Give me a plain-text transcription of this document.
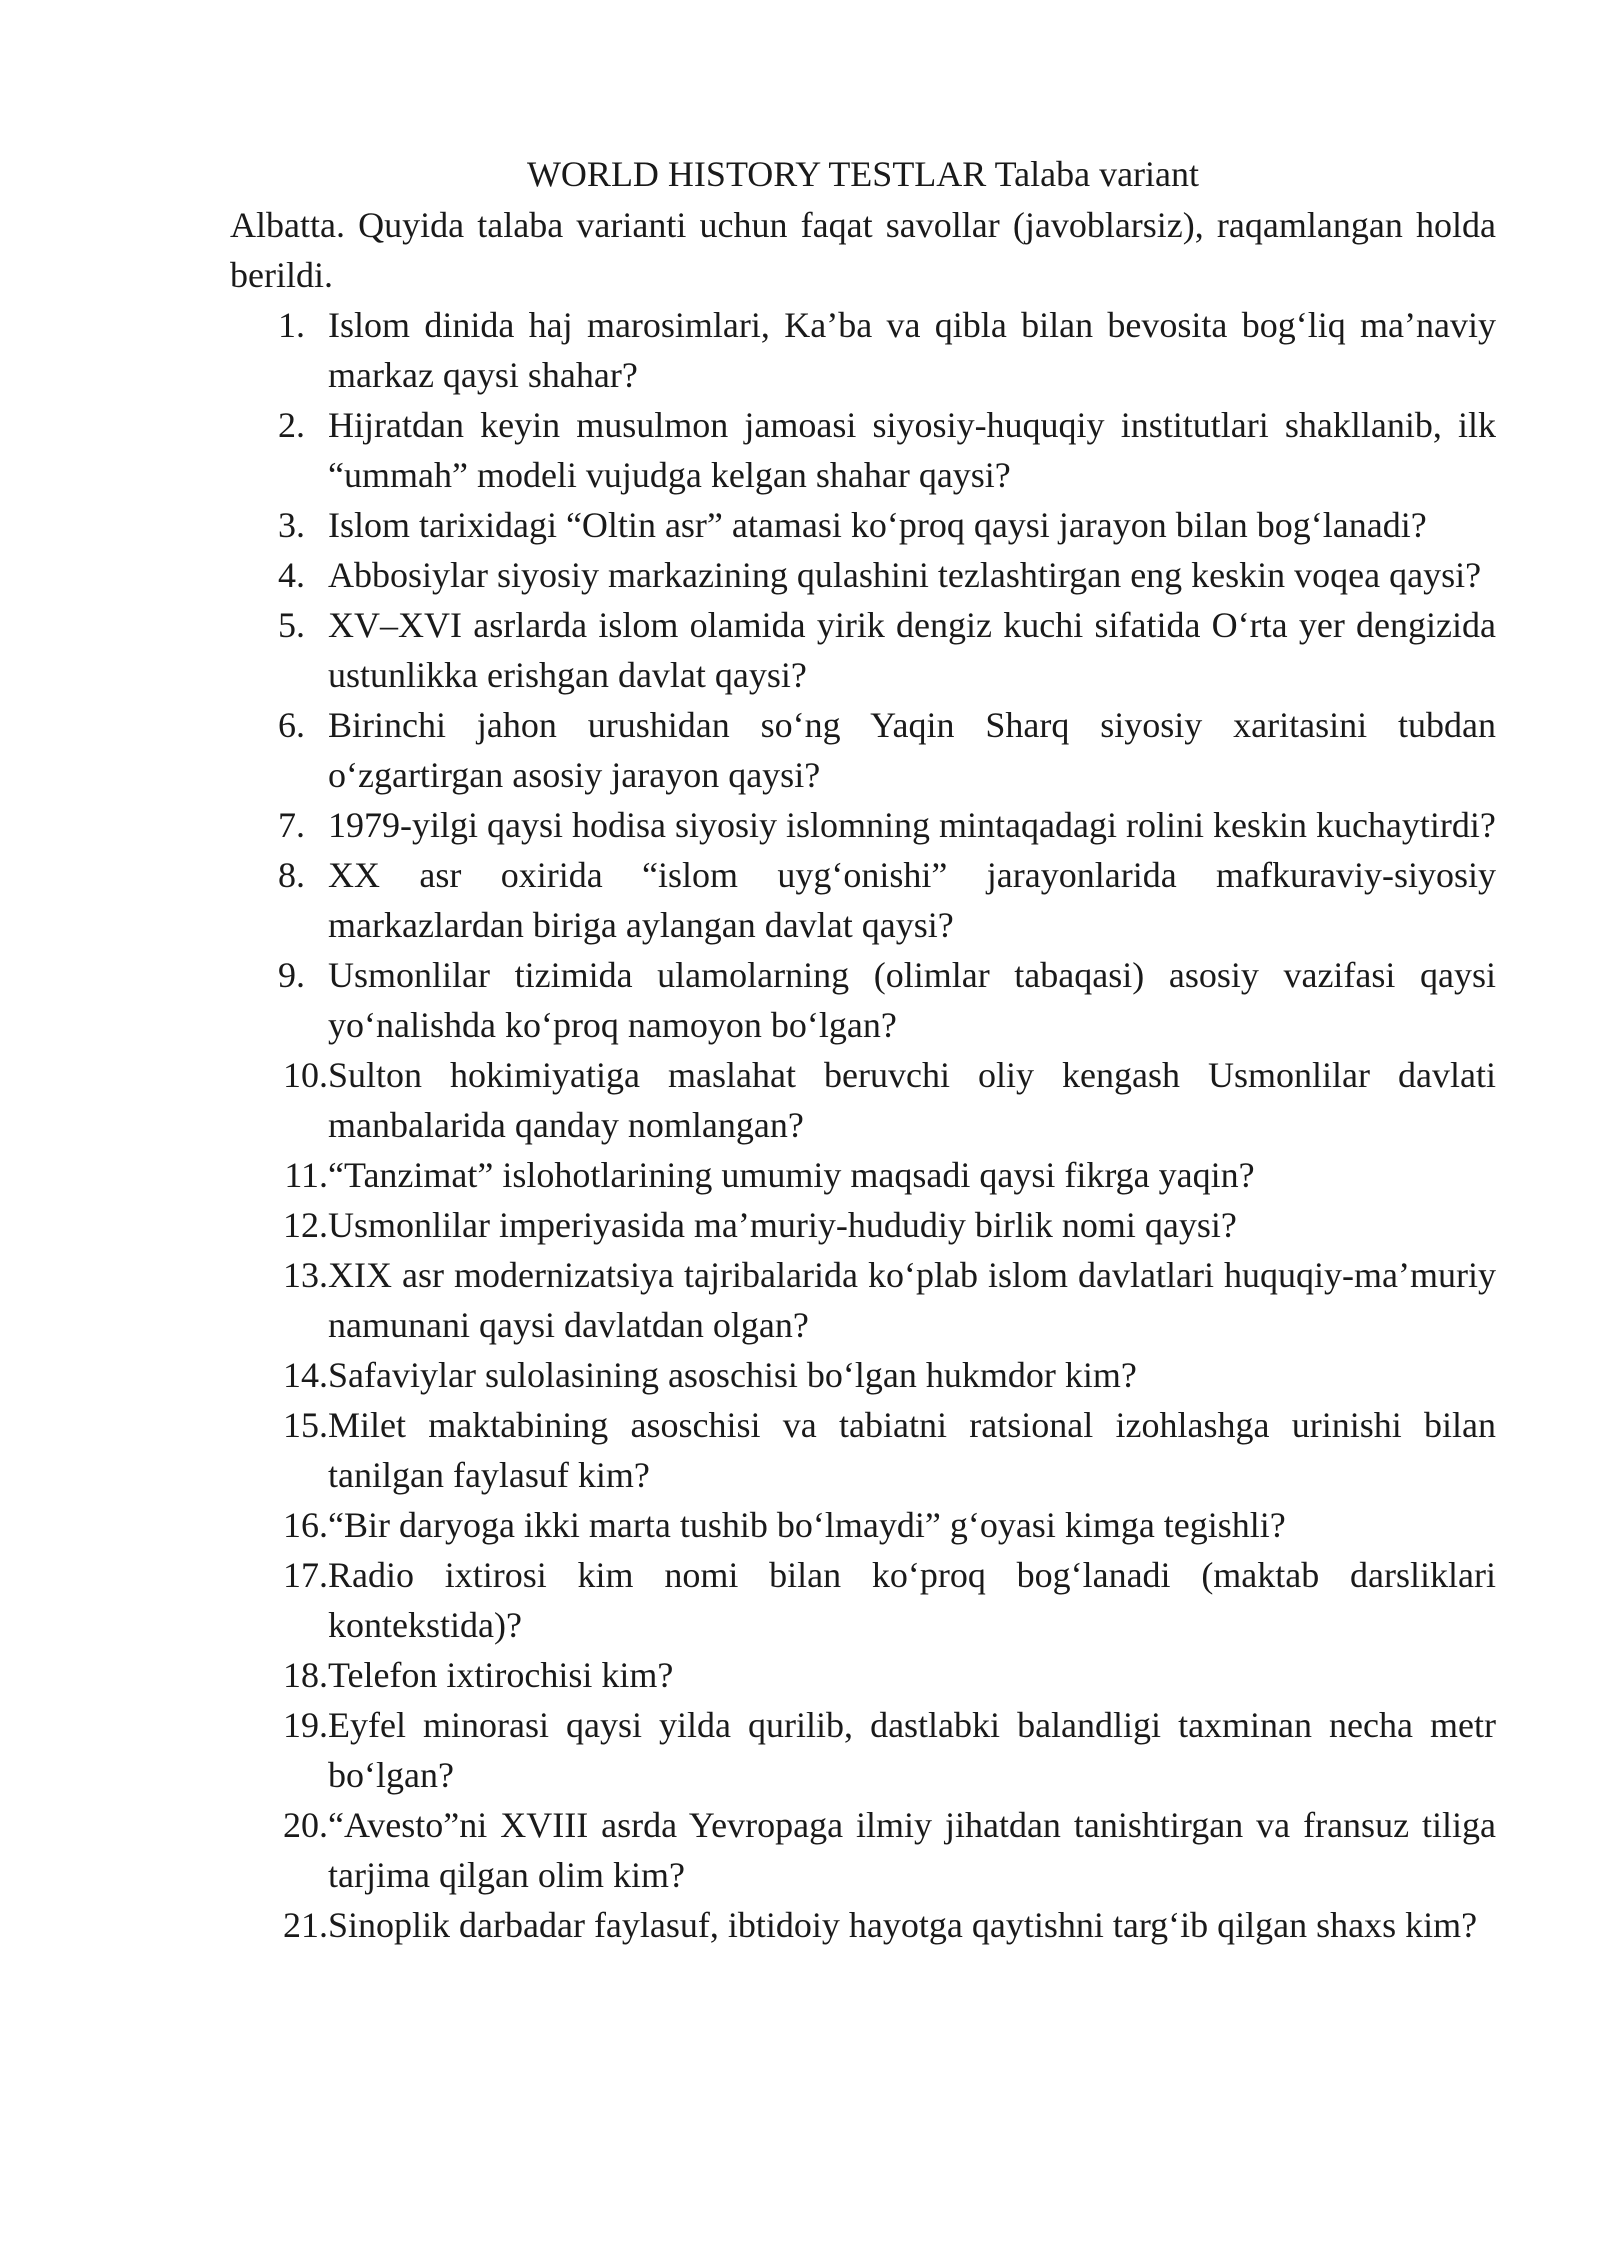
WORLD HISTORY TESTLAR Talaba variant
Albatta. Quyida talaba varianti uchun faqat savollar (javoblarsiz), raqamlangan holda berildi.
1. Islom dinida haj marosimlari, Ka’ba va qibla bilan bevosita bog‘liq ma’naviy markaz qaysi shahar?
2. Hijratdan keyin musulmon jamoasi siyosiy-huquqiy institutlari shakllanib, ilk “ummah” modeli vujudga kelgan shahar qaysi?
3. Islom tarixidagi “Oltin asr” atamasi ko‘proq qaysi jarayon bilan bog‘lanadi?
4. Abbosiylar siyosiy markazining qulashini tezlashtirgan eng keskin voqea qaysi?
5. XV–XVI asrlarda islom olamida yirik dengiz kuchi sifatida O‘rta yer dengizida ustunlikka erishgan davlat qaysi?
6. Birinchi jahon urushidan so‘ng Yaqin Sharq siyosiy xaritasini tubdan o‘zgartirgan asosiy jarayon qaysi?
7. 1979-yilgi qaysi hodisa siyosiy islomning mintaqadagi rolini keskin kuchaytirdi?
8. XX asr oxirida “islom uyg‘onishi” jarayonlarida mafkuraviy-siyosiy markazlardan biriga aylangan davlat qaysi?
9. Usmonlilar tizimida ulamolarning (olimlar tabaqasi) asosiy vazifasi qaysi yo‘nalishda ko‘proq namoyon bo‘lgan?
10. Sulton hokimiyatiga maslahat beruvchi oliy kengash Usmonlilar davlati manbalarida qanday nomlangan?
11. “Tanzimat” islohotlarining umumiy maqsadi qaysi fikrga yaqin?
12. Usmonlilar imperiyasida ma’muriy-hududiy birlik nomi qaysi?
13. XIX asr modernizatsiya tajribalarida ko‘plab islom davlatlari huquqiy-ma’muriy namunani qaysi davlatdan olgan?
14. Safaviylar sulolasining asoschisi bo‘lgan hukmdor kim?
15. Milet maktabining asoschisi va tabiatni ratsional izohlashga urinishi bilan tanilgan faylasuf kim?
16. “Bir daryoga ikki marta tushib bo‘lmaydi” g‘oyasi kimga tegishli?
17. Radio ixtirosi kim nomi bilan ko‘proq bog‘lanadi (maktab darsliklari kontekstida)?
18. Telefon ixtirochisi kim?
19. Eyfel minorasi qaysi yilda qurilib, dastlabki balandligi taxminan necha metr bo‘lgan?
20. “Avesto”ni XVIII asrda Yevropaga ilmiy jihatdan tanishtirgan va fransuz tiliga tarjima qilgan olim kim?
21. Sinoplik darbadar faylasuf, ibtidoiy hayotga qaytishni targ‘ib qilgan shaxs kim?
